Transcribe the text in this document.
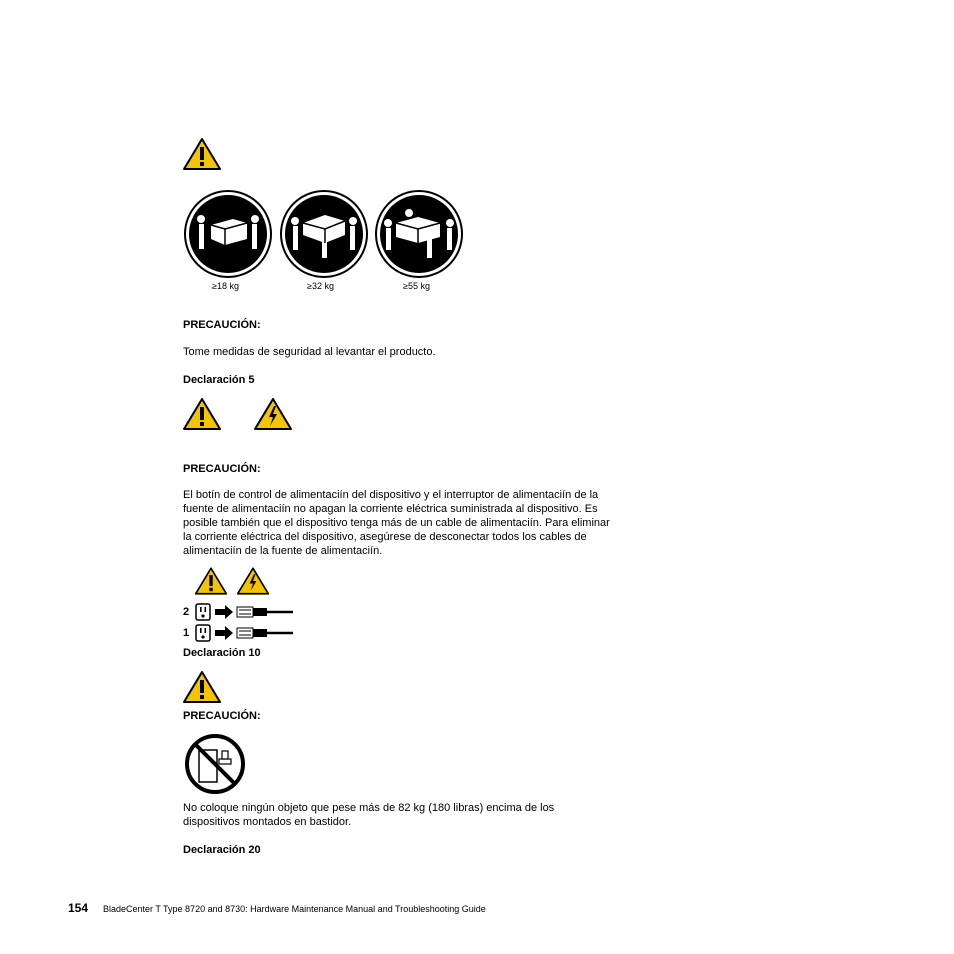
≥18 kg	≥32 kg	≥55 kg
PRECAUCIÓN:
Tome medidas de seguridad al levantar el producto.
Declaración 5
PRECAUCIÓN:
El botín de control de alimentaciín del dispositivo y el interruptor de alimentaciín de la fuente de alimentaciín no apagan la corriente eléctrica suministrada al dispositivo. Es posible también que el dispositivo tenga más de un cable de alimentaciín. Para eliminar la corriente eléctrica del dispositivo, asegúrese de desconectar todos los cables de alimentaciín de la fuente de alimentaciín.
2
1
Declaración 10
PRECAUCIÓN:
No coloque ningún objeto que pese más de 82 kg (180 libras) encima de los dispositivos montados en bastidor.
Declaración 20
154 BladeCenter T Type 8720 and 8730: Hardware Maintenance Manual and Troubleshooting Guide
